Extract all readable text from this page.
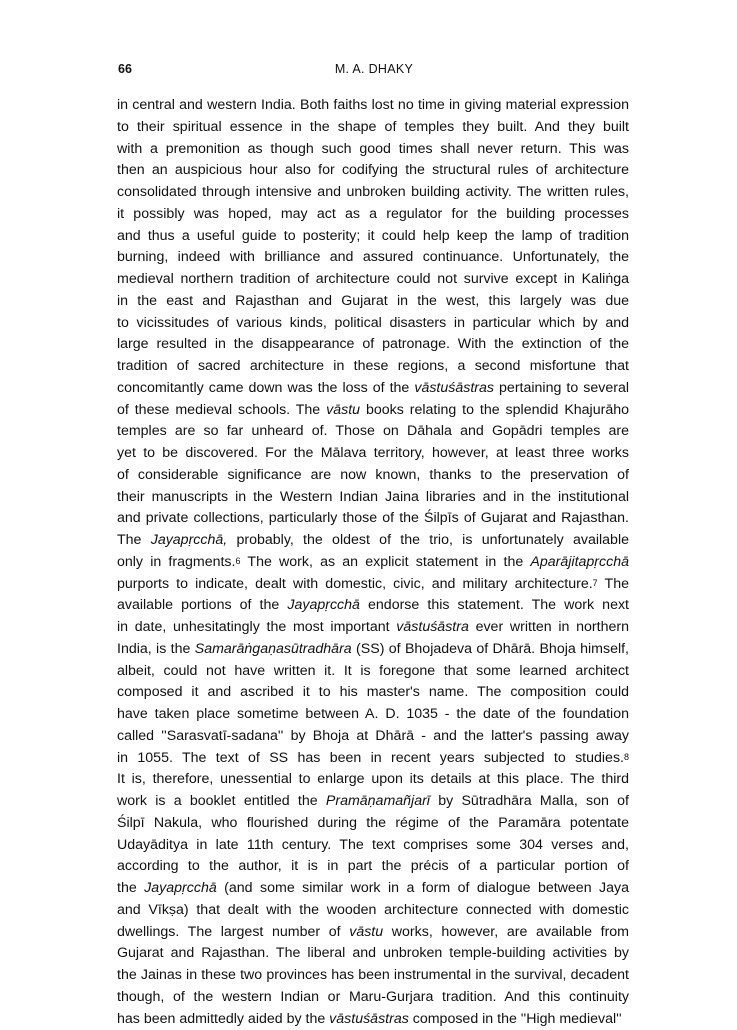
66	M. A. DHAKY
in central and western India. Both faiths lost no time in giving material expression
to their spiritual essence in the shape of temples they built. And they built
with a premonition as though such good times shall never return. This was
then an auspicious hour also for codifying the structural rules of architecture
consolidated through intensive and unbroken building activity. The written rules,
it possibly was hoped, may act as a regulator for the building processes
and thus a useful guide to posterity; it could help keep the lamp of tradition
burning, indeed with brilliance and assured continuance. Unfortunately, the
medieval northern tradition of architecture could not survive except in Kaliṅga
in the east and Rajasthan and Gujarat in the west, this largely was due
to vicissitudes of various kinds, political disasters in particular which by and
large resulted in the disappearance of patronage. With the extinction of the
tradition of sacred architecture in these regions, a second misfortune that
concomitantly came down was the loss of the vāstuśāstras pertaining to several
of these medieval schools. The vāstu books relating to the splendid Khajurāho
temples are so far unheard of. Those on Dāhala and Gopādri temples are
yet to be discovered. For the Mālava territory, however, at least three works
of considerable significance are now known, thanks to the preservation of
their manuscripts in the Western Indian Jaina libraries and in the institutional
and private collections, particularly those of the Śilpīs of Gujarat and Rajasthan.
The Jayapṛcchā, probably, the oldest of the trio, is unfortunately available
only in fragments.$^6$ The work, as an explicit statement in the Aparājitapṛcchā
purports to indicate, dealt with domestic, civic, and military architecture.$^7$ The
available portions of the Jayapṛcchā endorse this statement. The work next
in date, unhesitatingly the most important vāstuśāstra ever written in northern
India, is the Samarāṅgaṇasūtradhāra (SS) of Bhojadeva of Dhārā. Bhoja himself,
albeit, could not have written it. It is foregone that some learned architect
composed it and ascribed it to his master's name. The composition could
have taken place sometime between A. D. 1035 - the date of the foundation
called ''Sarasvatī-sadana'' by Bhoja at Dhārā - and the latter's passing away
in 1055. The text of SS has been in recent years subjected to studies.$^8$
It is, therefore, unessential to enlarge upon its details at this place. The third
work is a booklet entitled the Pramāṇamañjarī by Sūtradhāra Malla, son of
Śilpī Nakula, who flourished during the régime of the Paramāra potentate
Udayāditya in late 11th century. The text comprises some 304 verses and,
according to the author, it is in part the précis of a particular portion of
the Jayapṛcchā (and some similar work in a form of dialogue between Jaya
and Vīkṣa) that dealt with the wooden architecture connected with domestic
dwellings. The largest number of vāstu works, however, are available from
Gujarat and Rajasthan. The liberal and unbroken temple-building activities by
the Jainas in these two provinces has been instrumental in the survival, decadent
though, of the western Indian or Maru-Gurjara tradition. And this continuity
has been admittedly aided by the vāstuśāstras composed in the ''High medieval''
